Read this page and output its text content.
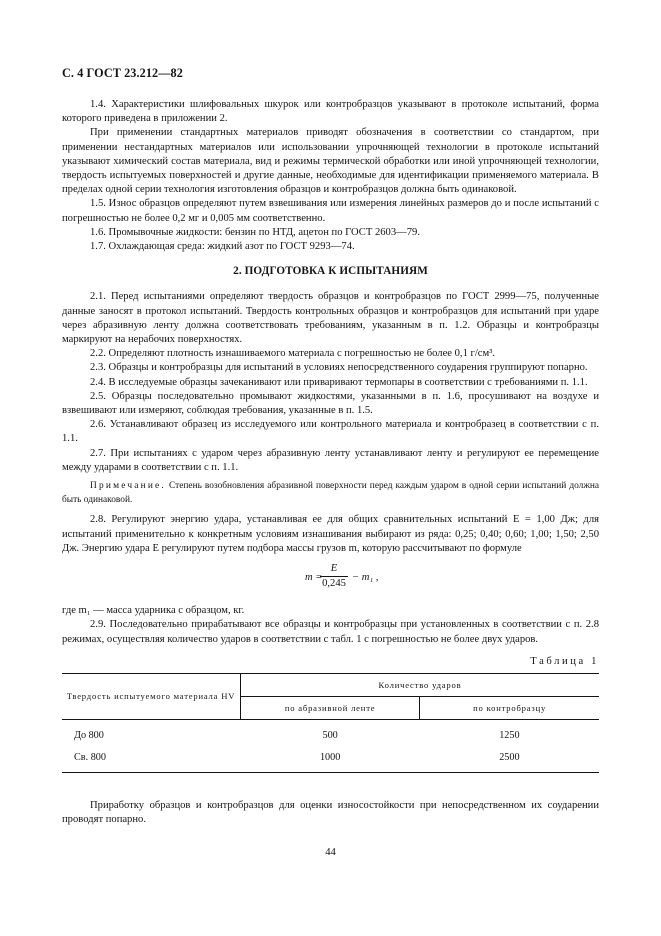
С. 4 ГОСТ 23.212—82

1.4. Характеристики шлифовальных шкурок или контробразцов указывают в протоколе испытаний, форма которого приведена в приложении 2.

При применении стандартных материалов приводят обозначения в соответствии со стандартом, при применении нестандартных материалов или использовании упрочняющей технологии в протоколе испытаний указывают химический состав материала, вид и режимы термической обработки или иной упрочняющей технологии, твердость испытуемых поверхностей и другие данные, необходимые для идентификации применяемого материала. В пределах одной серии технология изготовления образцов и контробразцов должна быть одинаковой.

1.5. Износ образцов определяют путем взвешивания или измерения линейных размеров до и после испытаний с погрешностью не более 0,2 мг и 0,005 мм соответственно.

1.6. Промывочные жидкости: бензин по НТД, ацетон по ГОСТ 2603—79.

1.7. Охлаждающая среда: жидкий азот по ГОСТ 9293—74.

2. ПОДГОТОВКА К ИСПЫТАНИЯМ

2.1. Перед испытаниями определяют твердость образцов и контробразцов по ГОСТ 2999—75, полученные данные заносят в протокол испытаний. Твердость контрольных образцов и контробразцов для испытаний при ударе через абразивную ленту должна соответствовать требованиям, указанным в п. 1.2. Образцы и контробразцы маркируют на нерабочих поверхностях.

2.2. Определяют плотность изнашиваемого материала с погрешностью не более 0,1 г/см³.

2.3. Образцы и контробразцы для испытаний в условиях непосредственного соударения группируют попарно.

2.4. В исследуемые образцы зачеканивают или приваривают термопары в соответствии с требованиями п. 1.1.

2.5. Образцы последовательно промывают жидкостями, указанными в п. 1.6, просушивают на воздухе и взвешивают или измеряют, соблюдая требования, указанные в п. 1.5.

2.6. Устанавливают образец из исследуемого или контрольного материала и контробразец в соответствии с п. 1.1.

2.7. При испытаниях с ударом через абразивную ленту устанавливают ленту и регулируют ее перемещение между ударами в соответствии с п. 1.1.

Примечание. Степень возобновления абразивной поверхности перед каждым ударом в одной серии испытаний должна быть одинаковой.

2.8. Регулируют энергию удара, устанавливая ее для общих сравнительных испытаний E = 1,00 Дж; для испытаний применительно к конкретным условиям изнашивания выбирают из ряда: 0,25; 0,40; 0,60; 1,00; 1,50; 2,50 Дж. Энергию удара E регулируют путем подбора массы грузов m, которую рассчитывают по формуле

m =
$\frac{E}{0,245} - m_1$ ,

где m₁ — масса ударника с образцом, кг.

2.9. Последовательно прирабатывают все образцы и контробразцы при установленных в соответствии с п. 2.8 режимах, осуществляя количество ударов в соответствии с табл. 1 с погрешностью не более двух ударов.

Таблица 1
Твердость испытуемого материала HV	Количество ударов	
	по абразивной ленте	по контробразцу
До 800	500	1250
Св. 800	1000	2500

Приработку образцов и контробразцов для оценки износостойкости при непосредственном их соударении проводят попарно.

44
